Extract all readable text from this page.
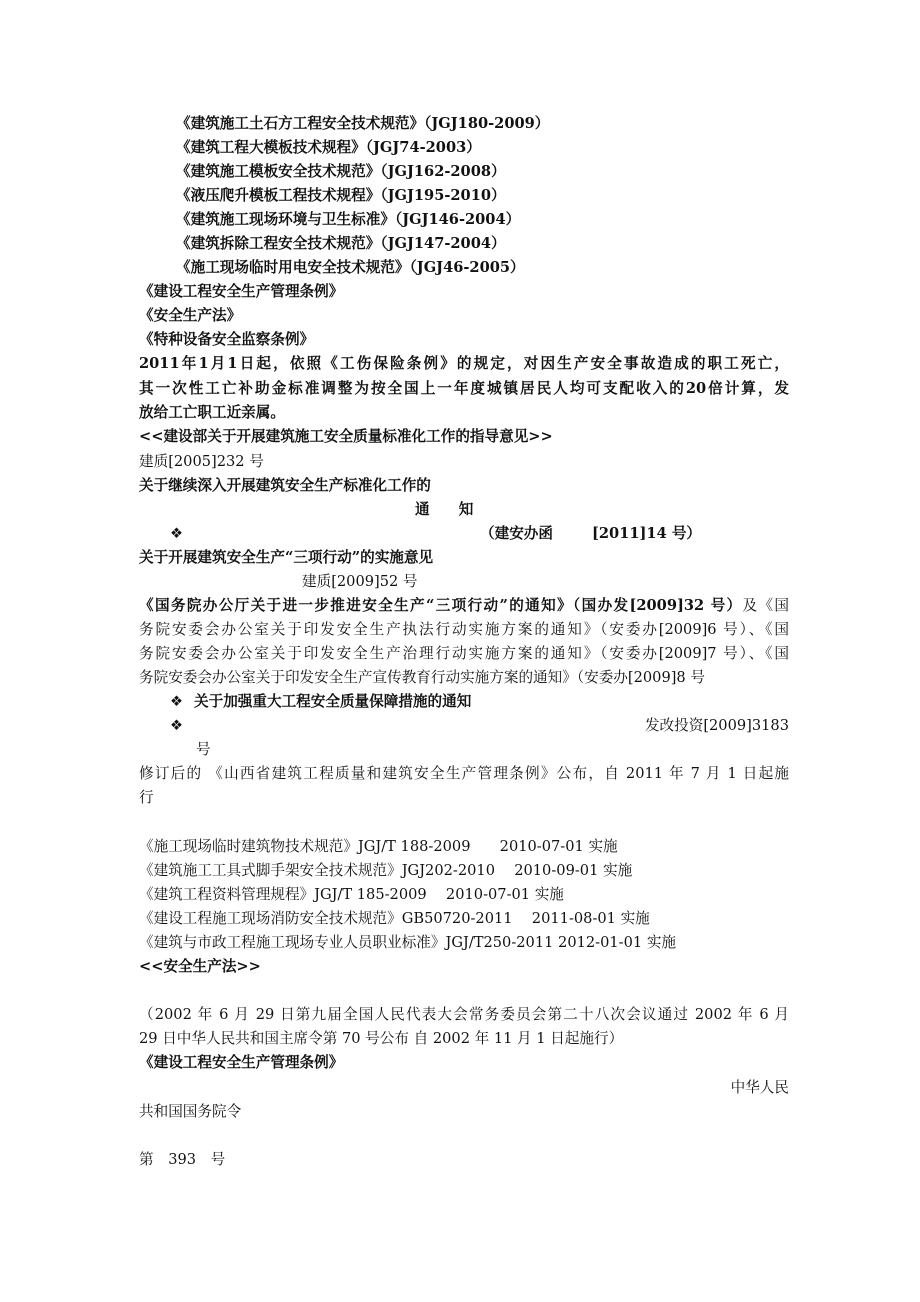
《建筑施工土石方工程安全技术规范》（JGJ180-2009）
《建筑工程大模板技术规程》（JGJ74-2003）
《建筑施工模板安全技术规范》（JGJ162-2008）
《液压爬升模板工程技术规程》（JGJ195-2010）
《建筑施工现场环境与卫生标准》（JGJ146-2004）
《建筑拆除工程安全技术规范》（JGJ147-2004）
《施工现场临时用电安全技术规范》（JGJ46-2005）
《建设工程安全生产管理条例》
《安全生产法》
《特种设备安全监察条例》
2011年1月1日起，依照《工伤保险条例》的规定，对因生产安全事故造成的职工死亡，
其一次性工亡补助金标准调整为按全国上一年度城镇居民人均可支配收入的20倍计算，发
放给工亡职工近亲属。
<<建设部关于开展建筑施工安全质量标准化工作的指导意见>>
建质[2005]232 号
关于继续深入开展建筑安全生产标准化工作的
通　　知
❖	（建安办函	[2011]14 号）
关于开展建筑安全生产“三项行动”的实施意见
建质[2009]52 号
《国务院办公厅关于进一步推进安全生产“三项行动”的通知》（国办发[2009]32 号）及《国
务院安委会办公室关于印发安全生产执法行动实施方案的通知》（安委办[2009]6 号）、《国
务院安委会办公室关于印发安全生产治理行动实施方案的通知》（安委办[2009]7 号）、《国
务院安委会办公室关于印发安全生产宣传教育行动实施方案的通知》（安委办[2009]8 号
❖ 关于加强重大工程安全质量保障措施的通知
❖	发改投资[2009]3183
号
修订后的 《山西省建筑工程质量和建筑安全生产管理条例》公布，自 2011 年 7 月 1 日起施
行
《施工现场临时建筑物技术规范》JGJ/T 188-2009　　2010-07-01 实施
《建筑施工工具式脚手架安全技术规范》JGJ202-2010　 2010-09-01 实施
《建筑工程资料管理规程》JGJ/T 185-2009　 2010-07-01 实施
《建设工程施工现场消防安全技术规范》GB50720-2011　 2011-08-01 实施
《建筑与市政工程施工现场专业人员职业标准》JGJ/T250-2011 2012-01-01 实施
<<安全生产法>>
（2002 年 6 月 29 日第九届全国人民代表大会常务委员会第二十八次会议通过 2002 年 6 月
29 日中华人民共和国主席令第 70 号公布 自 2002 年 11 月 1 日起施行）
《建设工程安全生产管理条例》
中华人民
共和国国务院令
第　393　号
